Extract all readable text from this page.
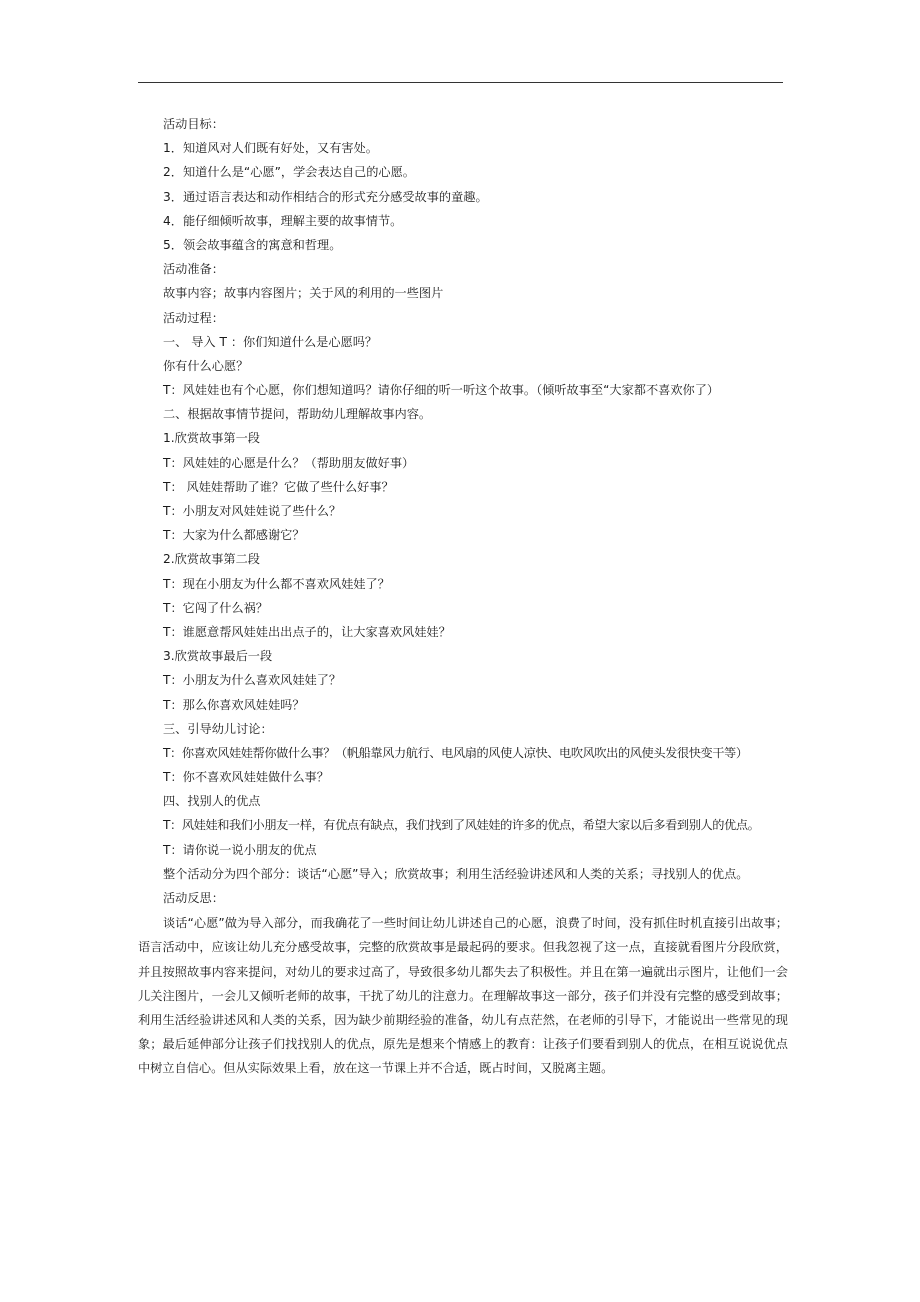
活动目标：
1．知道风对人们既有好处，又有害处。
2．知道什么是“心愿”，学会表达自己的心愿。
3．通过语言表达和动作相结合的形式充分感受故事的童趣。
4．能仔细倾听故事，理解主要的故事情节。
5．领会故事蕴含的寓意和哲理。
活动准备：
故事内容；故事内容图片；关于风的利用的一些图片
活动过程：
一、 导入 T ：你们知道什么是心愿吗？
你有什么心愿？
T：风娃娃也有个心愿，你们想知道吗？请你仔细的听一听这个故事。（倾听故事至“大家都不喜欢你了）
二、根据故事情节提问，帮助幼儿理解故事内容。
1.欣赏故事第一段
T：风娃娃的心愿是什么？（帮助朋友做好事）
T： 风娃娃帮助了谁？它做了些什么好事？
T：小朋友对风娃娃说了些什么？
T：大家为什么都感谢它？
2.欣赏故事第二段
T：现在小朋友为什么都不喜欢风娃娃了？
T：它闯了什么祸？
T：谁愿意帮风娃娃出出点子的，让大家喜欢风娃娃？
3.欣赏故事最后一段
T：小朋友为什么喜欢风娃娃了？
T：那么你喜欢风娃娃吗？
三、引导幼儿讨论：
T：你喜欢风娃娃帮你做什么事？（帆船靠风力航行、电风扇的风使人凉快、电吹风吹出的风使头发很快变干等）
T：你不喜欢风娃娃做什么事？
四、找别人的优点
T：风娃娃和我们小朋友一样，有优点有缺点，我们找到了风娃娃的许多的优点，希望大家以后多看到别人的优点。
T：请你说一说小朋友的优点
整个活动分为四个部分：谈话“心愿”导入；欣赏故事；利用生活经验讲述风和人类的关系；寻找别人的优点。
活动反思：
谈话“心愿”做为导入部分，而我确花了一些时间让幼儿讲述自己的心愿，浪费了时间，没有抓住时机直接引出故事；语言活动中，应该让幼儿充分感受故事，完整的欣赏故事是最起码的要求。但我忽视了这一点，直接就看图片分段欣赏，并且按照故事内容来提问，对幼儿的要求过高了，导致很多幼儿都失去了积极性。并且在第一遍就出示图片，让他们一会儿关注图片，一会儿又倾听老师的故事，干扰了幼儿的注意力。在理解故事这一部分，孩子们并没有完整的感受到故事；利用生活经验讲述风和人类的关系，因为缺少前期经验的准备，幼儿有点茫然，在老师的引导下，才能说出一些常见的现象；最后延伸部分让孩子们找找别人的优点，原先是想来个情感上的教育：让孩子们要看到别人的优点，在相互说说优点中树立自信心。但从实际效果上看，放在这一节课上并不合适，既占时间，又脱离主题。
